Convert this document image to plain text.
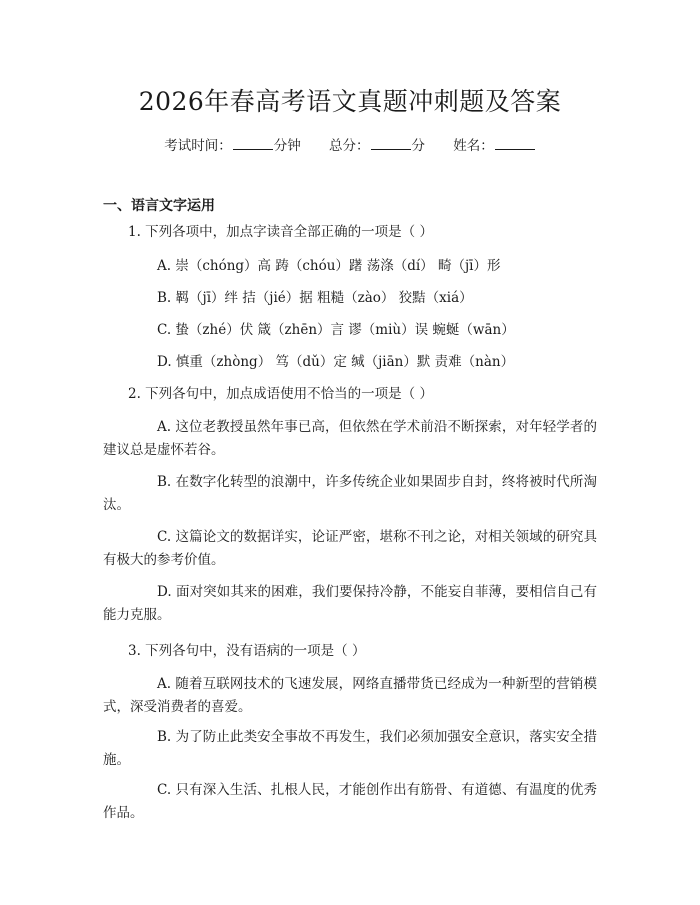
2026年春高考语文真题冲刺题及答案
考试时间：	分钟 总分：	分 姓名：
一、语言文字运用

1. 下列各项中，加点字读音全部正确的一项是（ ）

A. 崇（chóng）高 踌（chóu）躇 荡涤（dí） 畸（jī）形

B. 羁（jī）绊 拮（jié）据 粗糙（zào） 狡黠（xiá）

C. 蛰（zhé）伏 箴（zhēn）言 谬（miù）误 蜿蜒（wān）

D. 慎重（zhòng） 笃（dǔ）定 缄（jiān）默 责难（nàn）

2. 下列各句中，加点成语使用不恰当的一项是（ ）

A. 这位老教授虽然年事已高，但依然在学术前沿不断探索，对年轻学者的建议总是虚怀若谷。

B. 在数字化转型的浪潮中，许多传统企业如果固步自封，终将被时代所淘汰。

C. 这篇论文的数据详实，论证严密，堪称不刊之论，对相关领域的研究具有极大的参考价值。

D. 面对突如其来的困难，我们要保持冷静，不能妄自菲薄，要相信自己有能力克服。

3. 下列各句中，没有语病的一项是（ ）

A. 随着互联网技术的飞速发展，网络直播带货已经成为一种新型的营销模式，深受消费者的喜爱。

B. 为了防止此类安全事故不再发生，我们必须加强安全意识，落实安全措施。

C. 只有深入生活、扎根人民，才能创作出有筋骨、有道德、有温度的优秀作品。
